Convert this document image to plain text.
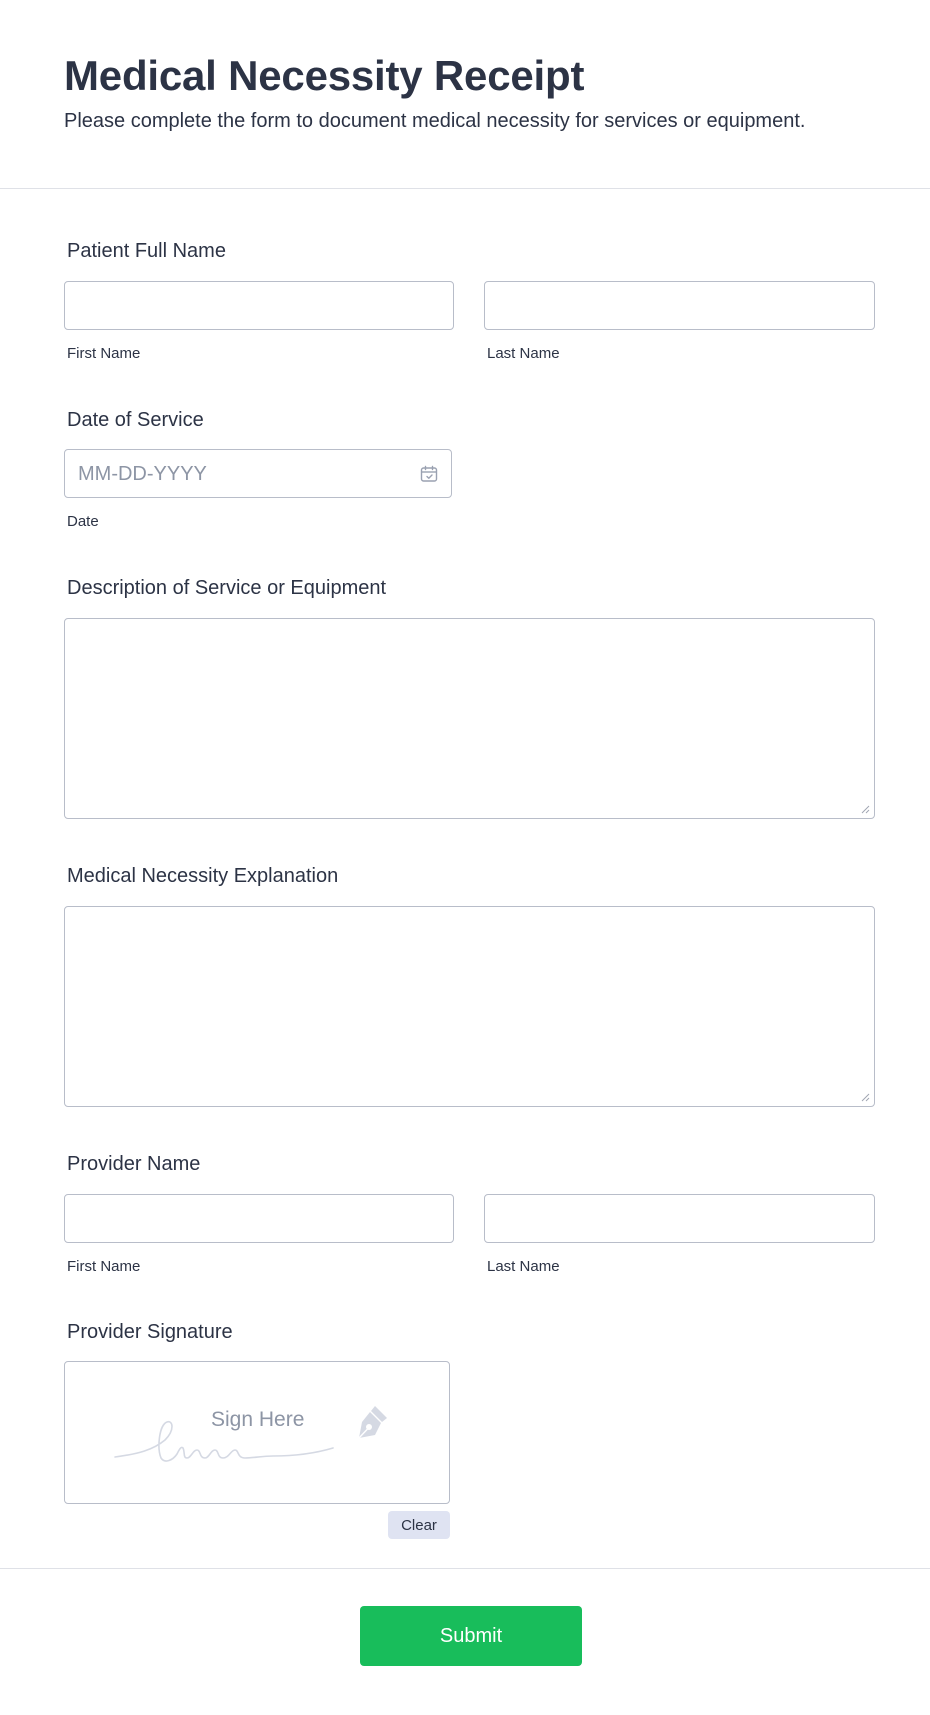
Medical Necessity Receipt

Please complete the form to document medical necessity for services or equipment.

Patient Full Name
First Name	Last Name
Date of Service
MM-DD-YYYY
Date
Description of Service or Equipment
Medical Necessity Explanation
Provider Name
First Name	Last Name
Provider Signature
Sign Here
Clear
Submit
